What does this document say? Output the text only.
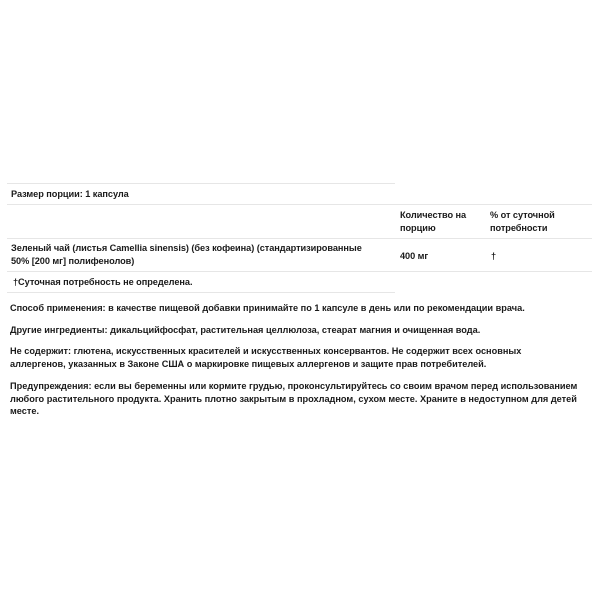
Размер порции: 1 капсула
Количество на
порцию
% от суточной
потребности
Зеленый чай (листья Camellia sinensis) (без кофеина) (стандартизированные
50% [200 мг] полифенолов)	400 мг	†
†Суточная потребность не определена.
Способ применения: в качестве пищевой добавки принимайте по 1 капсуле в день или по рекомендации врача.
Другие ингредиенты: дикальцийфосфат, растительная целлюлоза, стеарат магния и очищенная вода.
Не содержит: глютена, искусственных красителей и искусственных консервантов. Не содержит всех основных
аллергенов, указанных в Законе США о маркировке пищевых аллергенов и защите прав потребителей.
Предупреждения: если вы беременны или кормите грудью, проконсультируйтесь со своим врачом перед использованием
любого растительного продукта. Хранить плотно закрытым в прохладном, сухом месте. Храните в недоступном для детей
месте.
